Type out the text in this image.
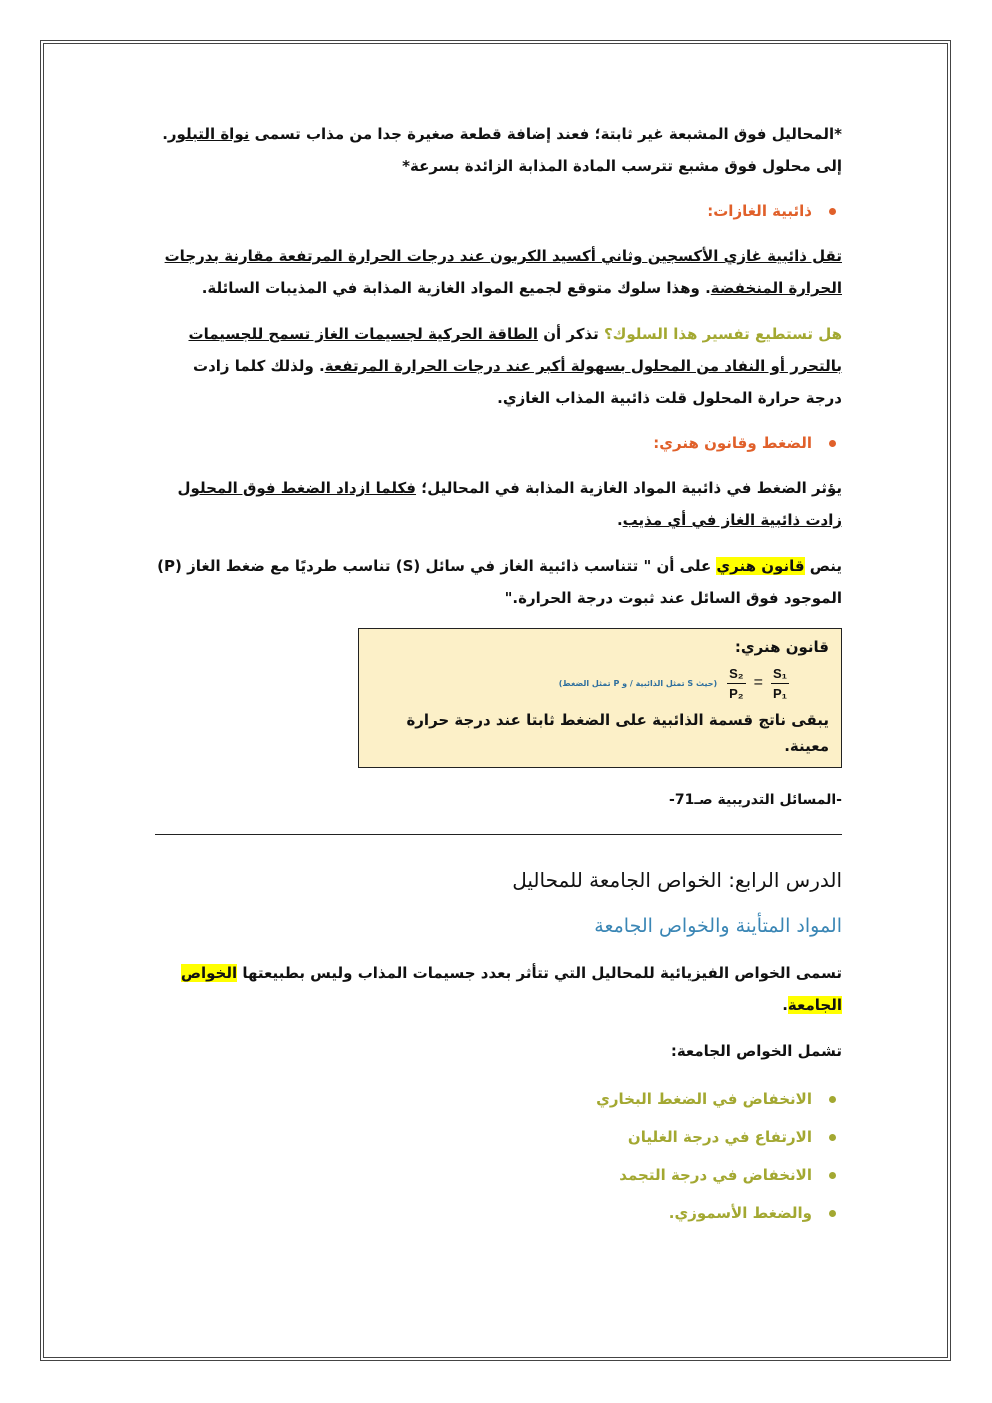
*المحاليل فوق المشبعة غير ثابتة؛ فعند إضافة قطعة صغيرة جدا من مذاب تسمى نواة التبلور. إلى محلول فوق مشبع تترسب المادة المذابة الزائدة بسرعة*

ذائبية الغازات:

تقل ذائبية غازي الأكسجين وثاني أكسيد الكربون عند درجات الحرارة المرتفعة مقارنة بدرجات الحرارة المنخفضة. وهذا سلوك متوقع لجميع المواد الغازية المذابة في المذيبات السائلة.

هل تستطيع تفسير هذا السلوك؟ تذكر أن الطاقة الحركية لجسيمات الغاز تسمح للجسيمات بالتحرر أو النفاد من المحلول بسهولة أكبر عند درجات الحرارة المرتفعة. ولذلك كلما زادت درجة حرارة المحلول قلت ذائبية المذاب الغازي.

الضغط وقانون هنري:

يؤثر الضغط في ذائبية المواد الغازية المذابة في المحاليل؛ فكلما ازداد الضغط فوق المحلول زادت ذائبية الغاز في أي مذيب.

ينص قانون هنري على أن " تتناسب ذائبية الغاز في سائل (S) تناسب طرديًا مع ضغط الغاز (P) الموجود فوق السائل عند ثبوت درجة الحرارة."

قانون هنري:
$\frac{\text{S₁}}{\text{P₁}}$
=
$\frac{\text{S₂}}{\text{P₂}}$
(حيث S تمثل الذائبية / و P تمثل الضغط)
يبقى ناتج قسمة الذائبية على الضغط ثابتا عند درجة حرارة معينة.
-المسائل التدريبية صـ71-
الدرس الرابع: الخواص الجامعة للمحاليل
المواد المتأينة والخواص الجامعة

تسمى الخواص الفيزيائية للمحاليل التي تتأثر بعدد جسيمات المذاب وليس بطبيعتها الخواص الجامعة.

تشمل الخواص الجامعة:

الانخفاض في الضغط البخاري
الارتفاع في درجة الغليان
الانخفاض في درجة التجمد
والضغط الأسموزي.
